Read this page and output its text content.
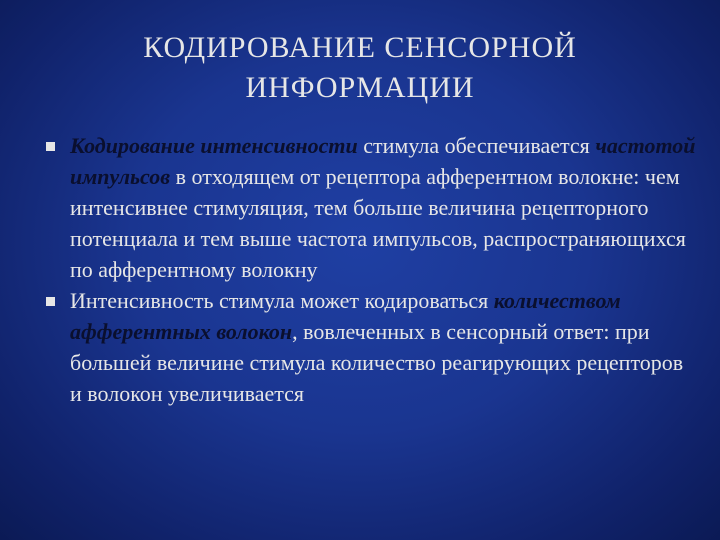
КОДИРОВАНИЕ СЕНСОРНОЙ
ИНФОРМАЦИИ
Кодирование интенсивности стимула обеспечивается частотой импульсов в отходящем от рецептора афферентном волокне: чем интенсивнее стимуляция, тем больше величина рецепторного потенциала и тем выше частота импульсов, распространяющихся по афферентному волокну
Интенсивность стимула может кодироваться количеством афферентных волокон, вовлеченных в сенсорный ответ: при большей величине стимула количество реагирующих рецепторов и волокон увеличивается
